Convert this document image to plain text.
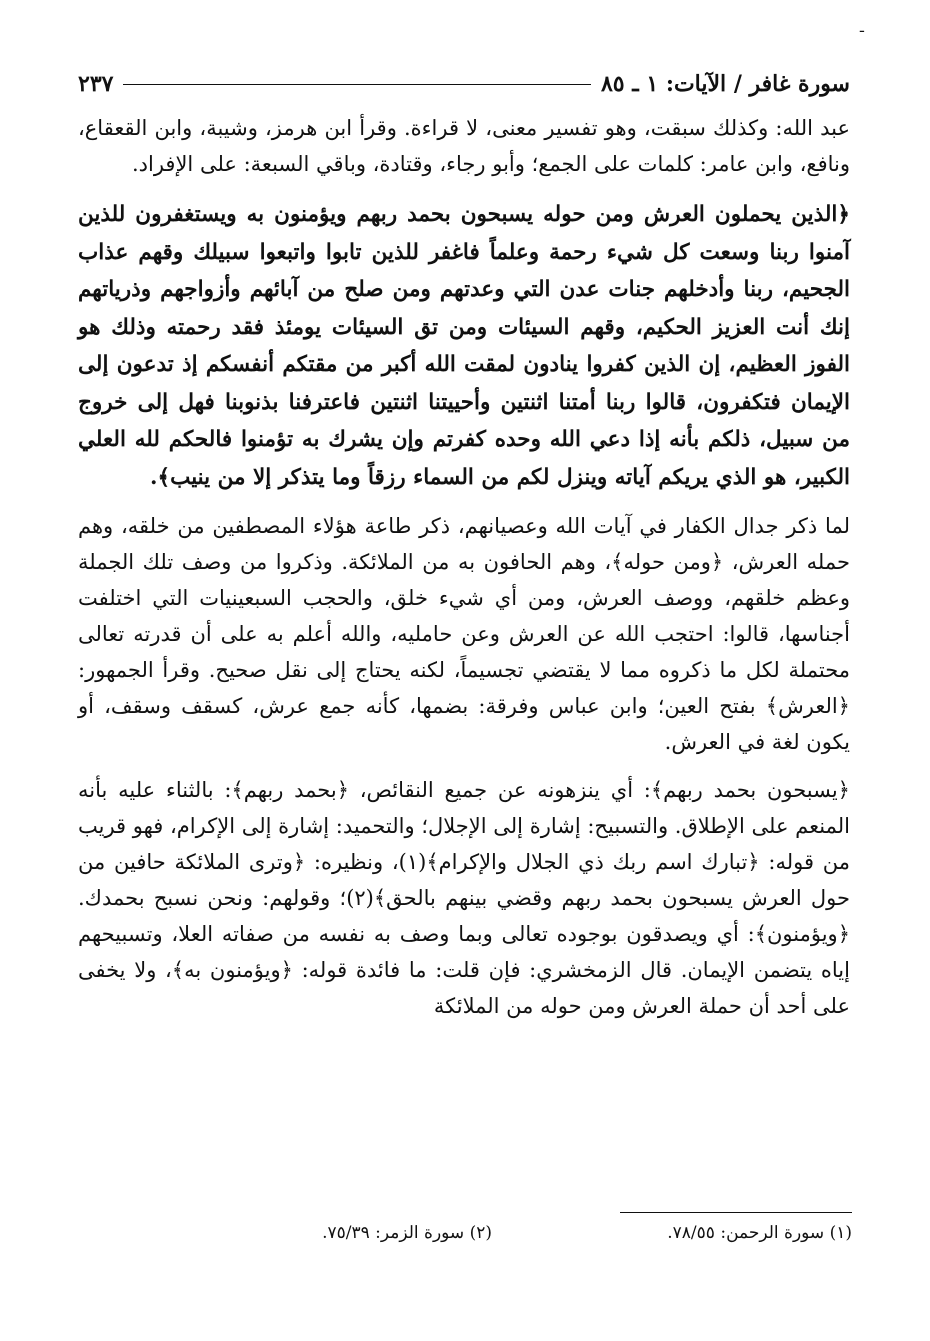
ـ
سورة غافر / الآيات: ١ ـ ٨٥
٢٣٧

عبد الله: وكذلك سبقت، وهو تفسير معنى، لا قراءة. وقرأ ابن هرمز، وشيبة، وابن القعقاع، ونافع، وابن عامر: كلمات على الجمع؛ وأبو رجاء، وقتادة، وباقي السبعة: على الإفراد.

﴿الذين يحملون العرش ومن حوله يسبحون بحمد ربهم ويؤمنون به ويستغفرون للذين آمنوا ربنا وسعت كل شيء رحمة وعلماً فاغفر للذين تابوا واتبعوا سبيلك وقهم عذاب الجحيم، ربنا وأدخلهم جنات عدن التي وعدتهم ومن صلح من آبائهم وأزواجهم وذرياتهم إنك أنت العزيز الحكيم، وقهم السيئات ومن تق السيئات يومئذ فقد رحمته وذلك هو الفوز العظيم، إن الذين كفروا ينادون لمقت الله أكبر من مقتكم أنفسكم إذ تدعون إلى الإيمان فتكفرون، قالوا ربنا أمتنا اثنتين وأحييتنا اثنتين فاعترفنا بذنوبنا فهل إلى خروج من سبيل، ذلكم بأنه إذا دعي الله وحده كفرتم وإن يشرك به تؤمنوا فالحكم لله العلي الكبير، هو الذي يريكم آياته وينزل لكم من السماء رزقاً وما يتذكر إلا من ينيب﴾.

لما ذكر جدال الكفار في آيات الله وعصيانهم، ذكر طاعة هؤلاء المصطفين من خلقه، وهم حمله العرش، ﴿ومن حوله﴾، وهم الحافون به من الملائكة. وذكروا من وصف تلك الجملة وعظم خلقهم، ووصف العرش، ومن أي شيء خلق، والحجب السبعينيات التي اختلفت أجناسها، قالوا: احتجب الله عن العرش وعن حامليه، والله أعلم به على أن قدرته تعالى محتملة لكل ما ذكروه مما لا يقتضي تجسيماً، لكنه يحتاج إلى نقل صحيح. وقرأ الجمهور: ﴿العرش﴾ بفتح العين؛ وابن عباس وفرقة: بضمها، كأنه جمع عرش، كسقف وسقف، أو يكون لغة في العرش.

﴿يسبحون بحمد ربهم﴾: أي ينزهونه عن جميع النقائص، ﴿بحمد ربهم﴾: بالثناء عليه بأنه المنعم على الإطلاق. والتسبيح: إشارة إلى الإجلال؛ والتحميد: إشارة إلى الإكرام، فهو قريب من قوله: ﴿تبارك اسم ربك ذي الجلال والإكرام﴾(١)، ونظيره: ﴿وترى الملائكة حافين من حول العرش يسبحون بحمد ربهم وقضي بينهم بالحق﴾(٢)؛ وقولهم: ونحن نسبح بحمدك. ﴿ويؤمنون﴾: أي ويصدقون بوجوده تعالى وبما وصف به نفسه من صفاته العلا، وتسبيحهم إياه يتضمن الإيمان. قال الزمخشري: فإن قلت: ما فائدة قوله: ﴿ويؤمنون به﴾، ولا يخفى على أحد أن حملة العرش ومن حوله من الملائكة

(١) سورة الرحمن: ٧٨/٥٥.
(٢) سورة الزمر: ٧٥/٣٩.
